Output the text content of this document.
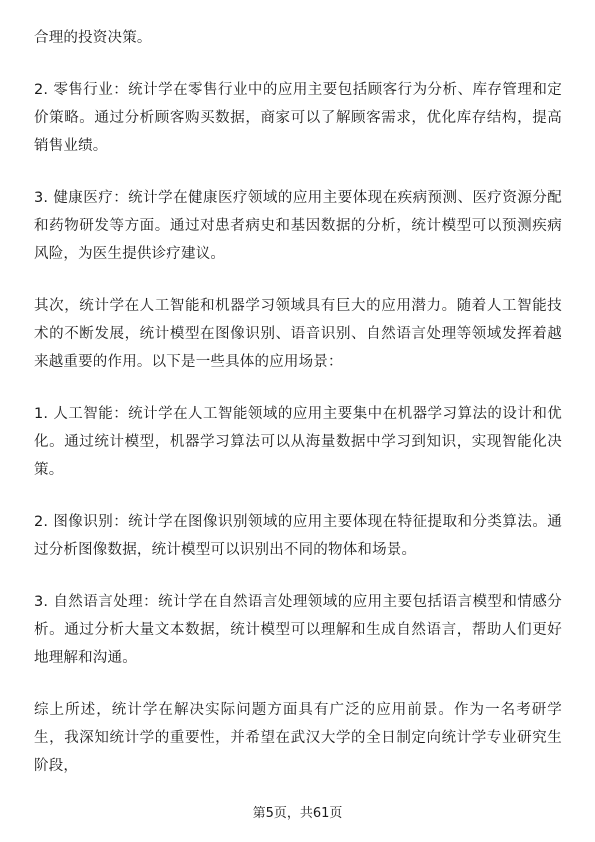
合理的投资决策。

2. 零售行业：统计学在零售行业中的应用主要包括顾客行为分析、库存管理和定价策略。通过分析顾客购买数据，商家可以了解顾客需求，优化库存结构，提高销售业绩。

3. 健康医疗：统计学在健康医疗领域的应用主要体现在疾病预测、医疗资源分配和药物研发等方面。通过对患者病史和基因数据的分析，统计模型可以预测疾病风险，为医生提供诊疗建议。

其次，统计学在人工智能和机器学习领域具有巨大的应用潜力。随着人工智能技术的不断发展，统计模型在图像识别、语音识别、自然语言处理等领域发挥着越来越重要的作用。以下是一些具体的应用场景：

1. 人工智能：统计学在人工智能领域的应用主要集中在机器学习算法的设计和优化。通过统计模型，机器学习算法可以从海量数据中学习到知识，实现智能化决策。

2. 图像识别：统计学在图像识别领域的应用主要体现在特征提取和分类算法。通过分析图像数据，统计模型可以识别出不同的物体和场景。

3. 自然语言处理：统计学在自然语言处理领域的应用主要包括语言模型和情感分析。通过分析大量文本数据，统计模型可以理解和生成自然语言，帮助人们更好地理解和沟通。

综上所述，统计学在解决实际问题方面具有广泛的应用前景。作为一名考研学生，我深知统计学的重要性，并希望在武汉大学的全日制定向统计学专业研究生阶段，

第5页，共61页
